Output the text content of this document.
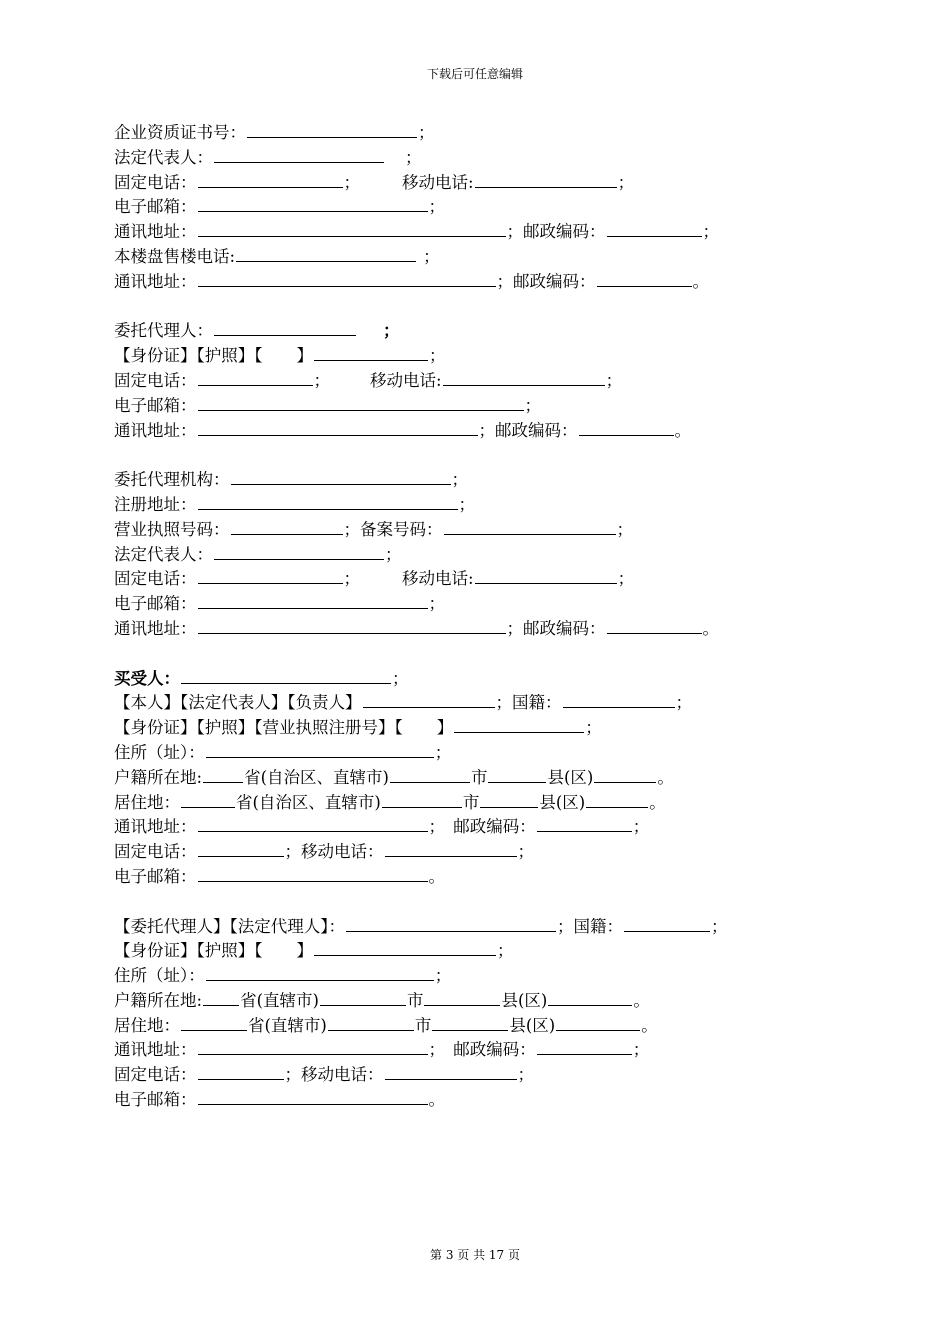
下载后可任意编辑
企业资质证书号：	；
法定代表人：	；
固定电话：	；	移动电话:	；
电子邮箱：	；
通讯地址：	；邮政编码：	；
本楼盘售楼电话:	；
通讯地址：	；邮政编码：	。
委托代理人：	；
【身份证】【护照】【 】	；
固定电话：	； 移动电话:	；
电子邮箱：	；
通讯地址：	；邮政编码：	。
委托代理机构：	；
注册地址：	；
营业执照号码：	；备案号码：	；
法定代表人：	；
固定电话：	；	移动电话:	；
电子邮箱：	；
通讯地址：	；邮政编码：	。
买受人：	；
【本人】【法定代表人】【负责人】	；国籍：	；
【身份证】【护照】【营业执照注册号】【 】	；
住所（址）：	；
户籍所在地:	省(自治区、直辖市)	市	县(区)	。
居住地：	省(自治区、直辖市)	市	县(区)	。
通讯地址：	；　邮政编码：	；
固定电话：	；移动电话：	；
电子邮箱：	。
【委托代理人】【法定代理人】：	；国籍：	；
【身份证】【护照】【 】	；
住所（址）：	；
户籍所在地: 省(直辖市)	市	县(区)	。
居住地：	省(直辖市)	市	县(区)	。
通讯地址：	；　邮政编码：	；
固定电话：	；移动电话：	；
电子邮箱：	。
第 3 页 共 17 页
